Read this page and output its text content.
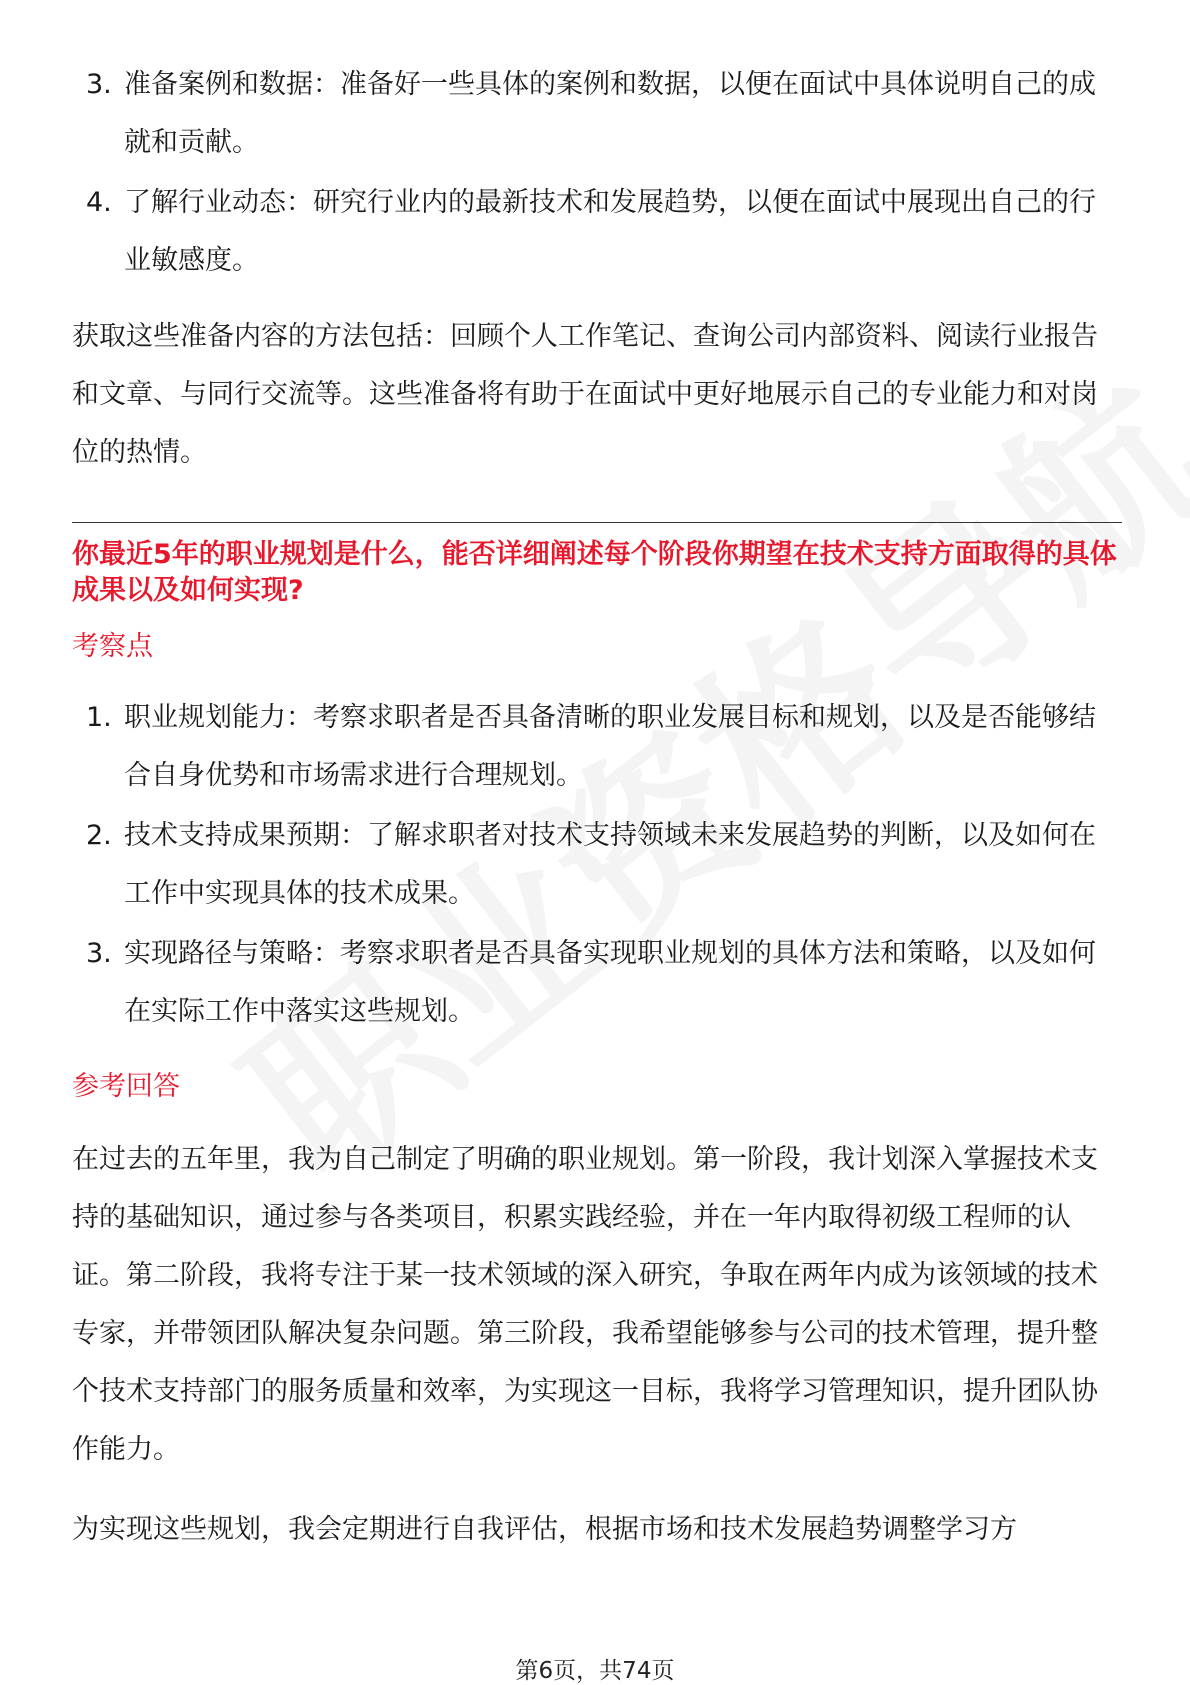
3. 准备案例和数据：准备好一些具体的案例和数据，以便在面试中具体说明自己的成就和贡献。
4. 了解行业动态：研究行业内的最新技术和发展趋势，以便在面试中展现出自己的行业敏感度。

获取这些准备内容的方法包括：回顾个人工作笔记、查询公司内部资料、阅读行业报告和文章、与同行交流等。这些准备将有助于在面试中更好地展示自己的专业能力和对岗位的热情。

你最近5年的职业规划是什么，能否详细阐述每个阶段你期望在技术支持方面取得的具体成果以及如何实现?

考察点

1. 职业规划能力：考察求职者是否具备清晰的职业发展目标和规划，以及是否能够结合自身优势和市场需求进行合理规划。
2. 技术支持成果预期：了解求职者对技术支持领域未来发展趋势的判断，以及如何在工作中实现具体的技术成果。
3. 实现路径与策略：考察求职者是否具备实现职业规划的具体方法和策略，以及如何在实际工作中落实这些规划。

参考回答

在过去的五年里，我为自己制定了明确的职业规划。第一阶段，我计划深入掌握技术支持的基础知识，通过参与各类项目，积累实践经验，并在一年内取得初级工程师的认证。第二阶段，我将专注于某一技术领域的深入研究，争取在两年内成为该领域的技术专家，并带领团队解决复杂问题。第三阶段，我希望能够参与公司的技术管理，提升整个技术支持部门的服务质量和效率，为实现这一目标，我将学习管理知识，提升团队协作能力。

为实现这些规划，我会定期进行自我评估，根据市场和技术发展趋势调整学习方

第6页，共74页
